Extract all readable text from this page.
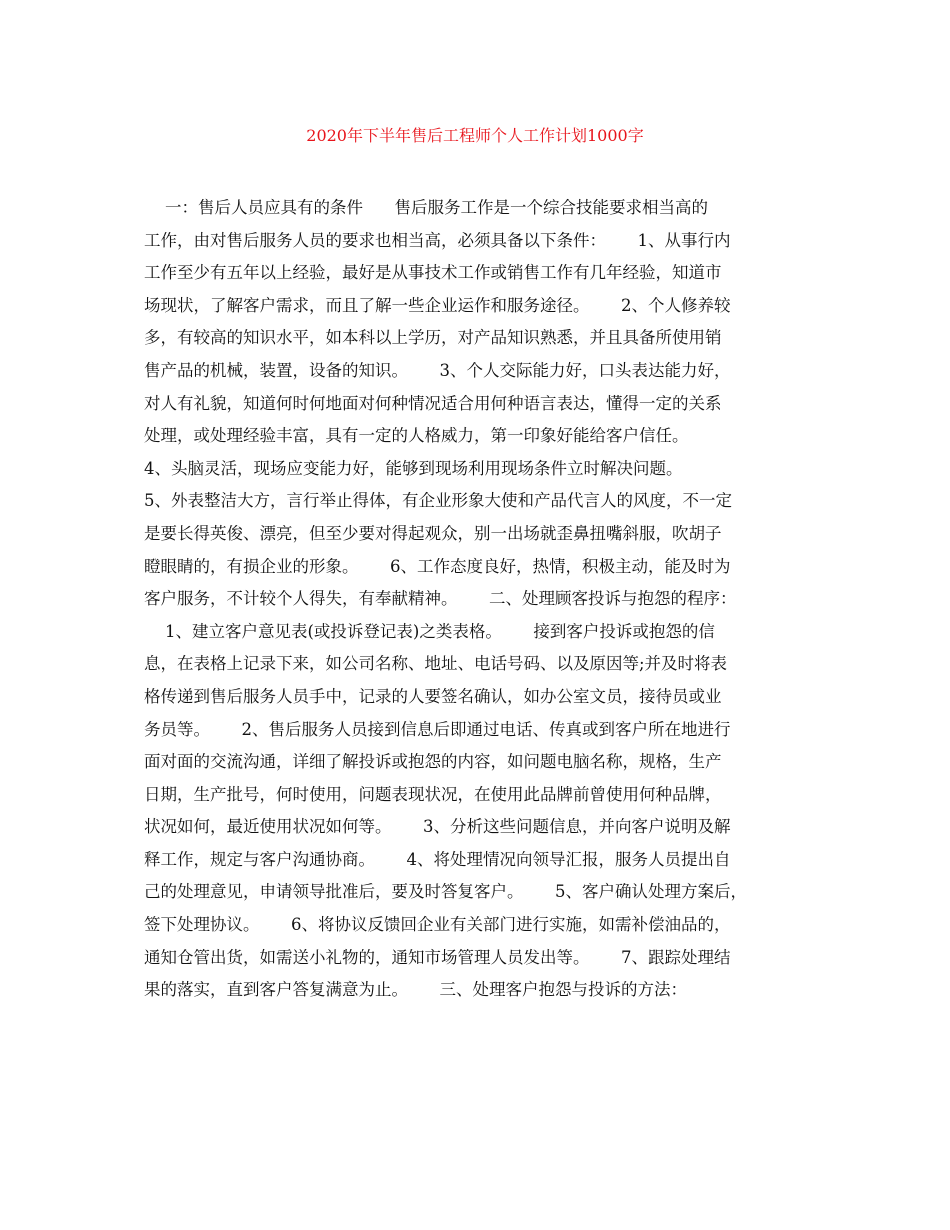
2020年下半年售后工程师个人工作计划1000字
一：售后人员应具有的条件      售后服务工作是一个综合技能要求相当高的
工作，由对售后服务人员的要求也相当高，必须具备以下条件：      1、从事行内
工作至少有五年以上经验，最好是从事技术工作或销售工作有几年经验，知道市
场现状，了解客户需求，而且了解一些企业运作和服务途径。      2、个人修养较
多，有较高的知识水平，如本科以上学历，对产品知识熟悉，并且具备所使用销
售产品的机械，装置，设备的知识。      3、个人交际能力好，口头表达能力好，
对人有礼貌，知道何时何地面对何种情况适合用何种语言表达，懂得一定的关系
处理，或处理经验丰富，具有一定的人格威力，第一印象好能给客户信任。
4、头脑灵活，现场应变能力好，能够到现场利用现场条件立时解决问题。
5、外表整洁大方，言行举止得体，有企业形象大使和产品代言人的风度，不一定
是要长得英俊、漂亮，但至少要对得起观众，别一出场就歪鼻扭嘴斜服，吹胡子
瞪眼睛的，有损企业的形象。      6、工作态度良好，热情，积极主动，能及时为
客户服务，不计较个人得失，有奉献精神。      二、处理顾客投诉与抱怨的程序：
1、建立客户意见表(或投诉登记表)之类表格。      接到客户投诉或抱怨的信
息，在表格上记录下来，如公司名称、地址、电话号码、以及原因等;并及时将表
格传递到售后服务人员手中，记录的人要签名确认，如办公室文员，接待员或业
务员等。      2、售后服务人员接到信息后即通过电话、传真或到客户所在地进行
面对面的交流沟通，详细了解投诉或抱怨的内容，如问题电脑名称，规格，生产
日期，生产批号，何时使用，问题表现状况，在使用此品牌前曾使用何种品牌，
状况如何，最近使用状况如何等。      3、分析这些问题信息，并向客户说明及解
释工作，规定与客户沟通协商。      4、将处理情况向领导汇报，服务人员提出自
己的处理意见，申请领导批准后，要及时答复客户。      5、客户确认处理方案后，
签下处理协议。      6、将协议反馈回企业有关部门进行实施，如需补偿油品的，
通知仓管出货，如需送小礼物的，通知市场管理人员发出等。      7、跟踪处理结
果的落实，直到客户答复满意为止。      三、处理客户抱怨与投诉的方法：
